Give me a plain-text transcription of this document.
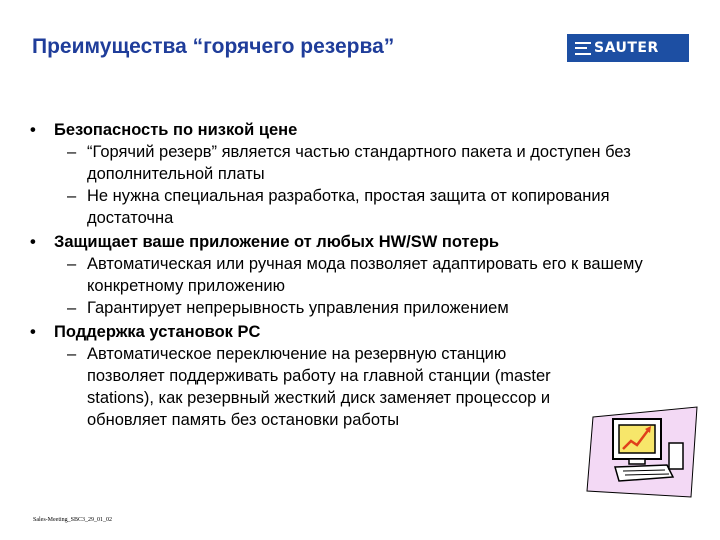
Преимущества “горячего резерва”	SAUTER
• Безопасность по низкой цене
– “Горячий резерв” является частью стандартного пакета и доступен без дополнительной платы
– Не нужна специальная разработка, простая защита от копирования достаточна
• Защищает ваше приложение от любых HW/SW потерь
– Автоматическая или ручная мода позволяет адаптировать его к вашему конкретному приложению
– Гарантирует непрерывность управления приложением
• Поддержка установок PC
– Автоматическое переключение на резервную станцию позволяет поддерживать работу на главной станции (master stations), как резервный жесткий диск заменяет процессор и обновляет память без остановки работы
Sales-Meeting_SBC3_29_01_02
